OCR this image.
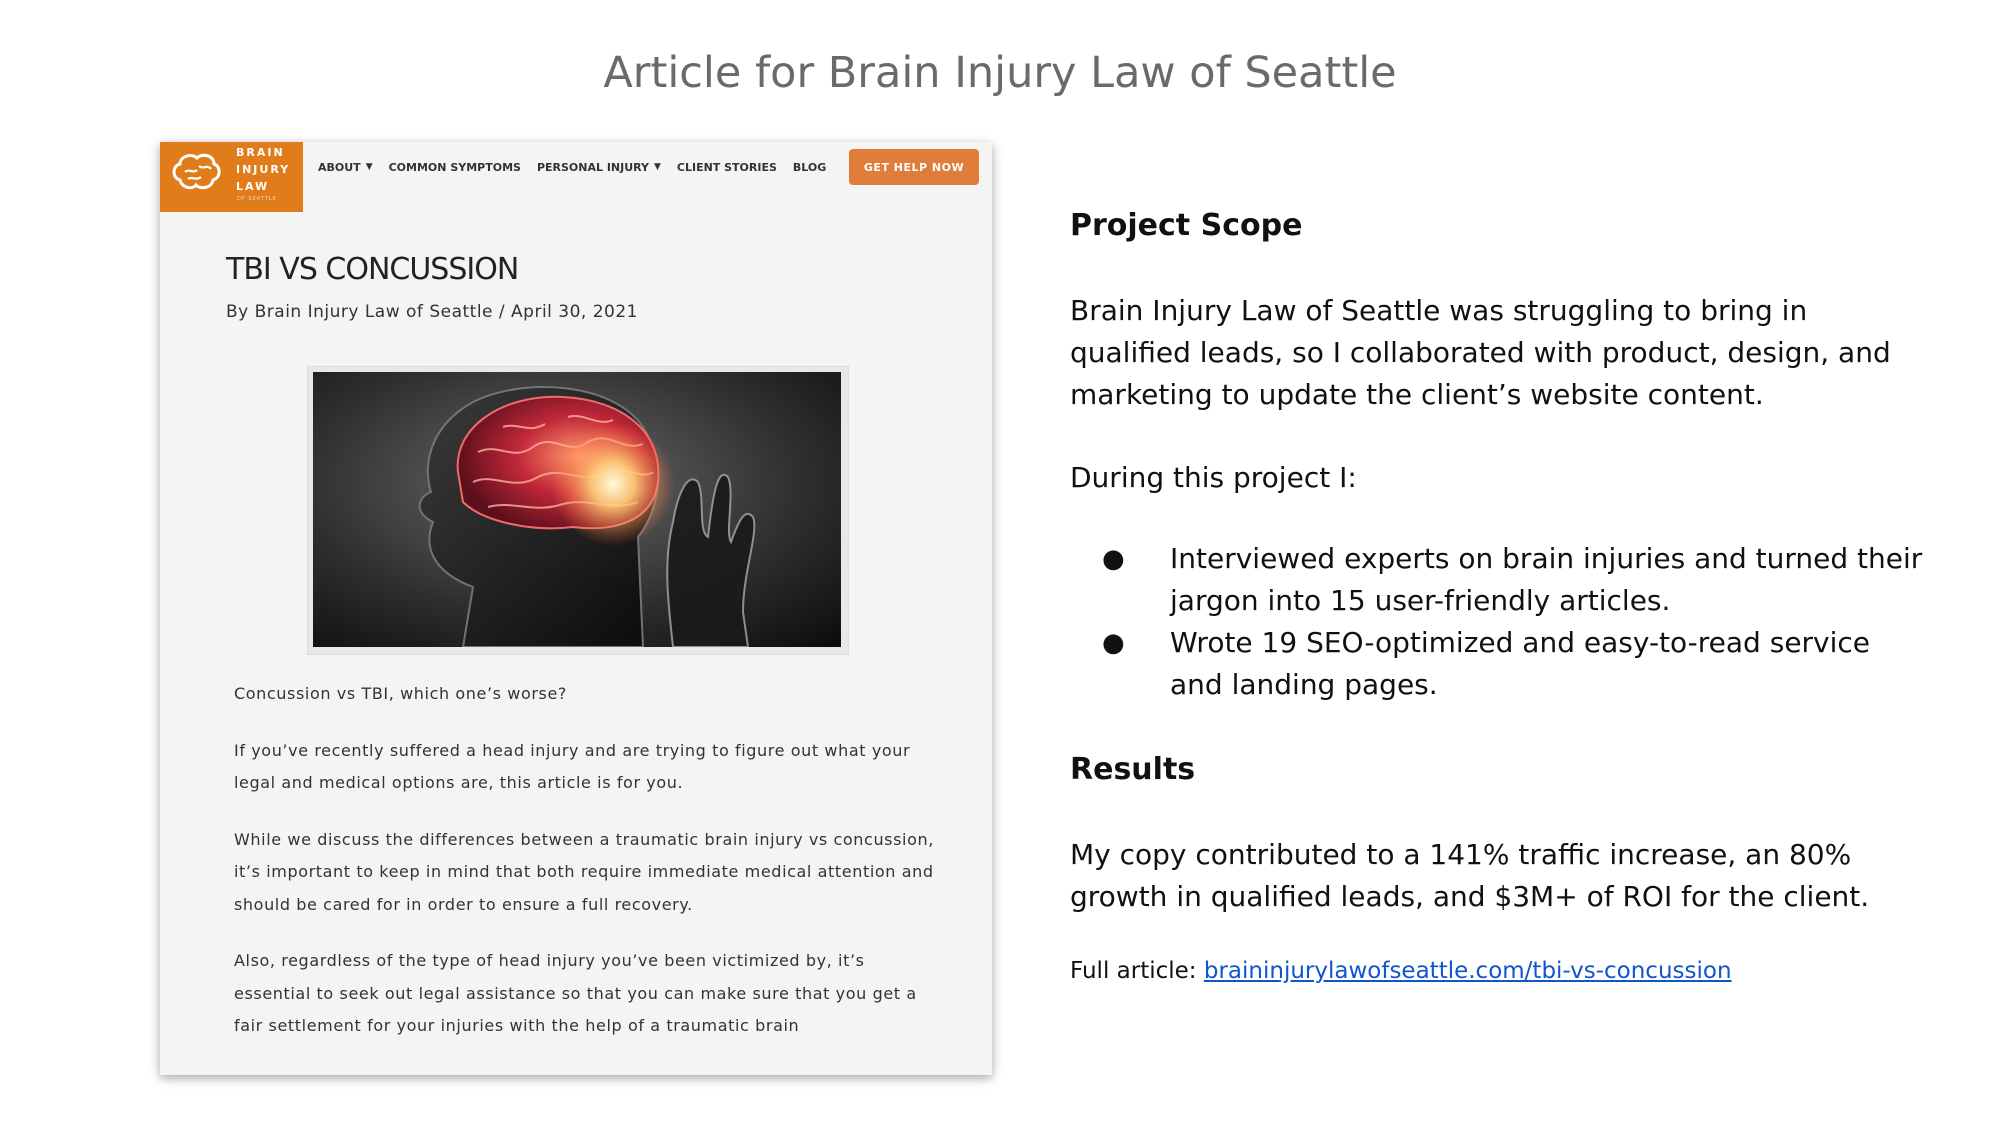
Article for Brain Injury Law of Seattle
BRAIN
INJURY
LAW
OF SEATTLE
ABOUT ▼ COMMON SYMPTOMS PERSONAL INJURY ▼ CLIENT STORIES BLOG	GET HELP NOW
TBI VS CONCUSSION
By Brain Injury Law of Seattle / April 30, 2021

Concussion vs TBI, which one’s worse?

If you’ve recently suffered a head injury and are trying to figure out what your legal and medical options are, this article is for you.

While we discuss the differences between a traumatic brain injury vs concussion, it’s important to keep in mind that both require immediate medical attention and should be cared for in order to ensure a full recovery.

Also, regardless of the type of head injury you’ve been victimized by, it’s essential to seek out legal assistance so that you can make sure that you get a fair settlement for your injuries with the help of a traumatic brain

Project Scope

Brain Injury Law of Seattle was struggling to bring in qualified leads, so I collaborated with product, design, and marketing to update the client’s website content.

During this project I:

● Interviewed experts on brain injuries and turned their jargon into 15 user-friendly articles.
● Wrote 19 SEO-optimized and easy-to-read service and landing pages.
Results

My copy contributed to a 141% traffic increase, an 80% growth in qualified leads, and $3M+ of ROI for the client.

Full article: braininjurylawofseattle.com/tbi-vs-concussion
